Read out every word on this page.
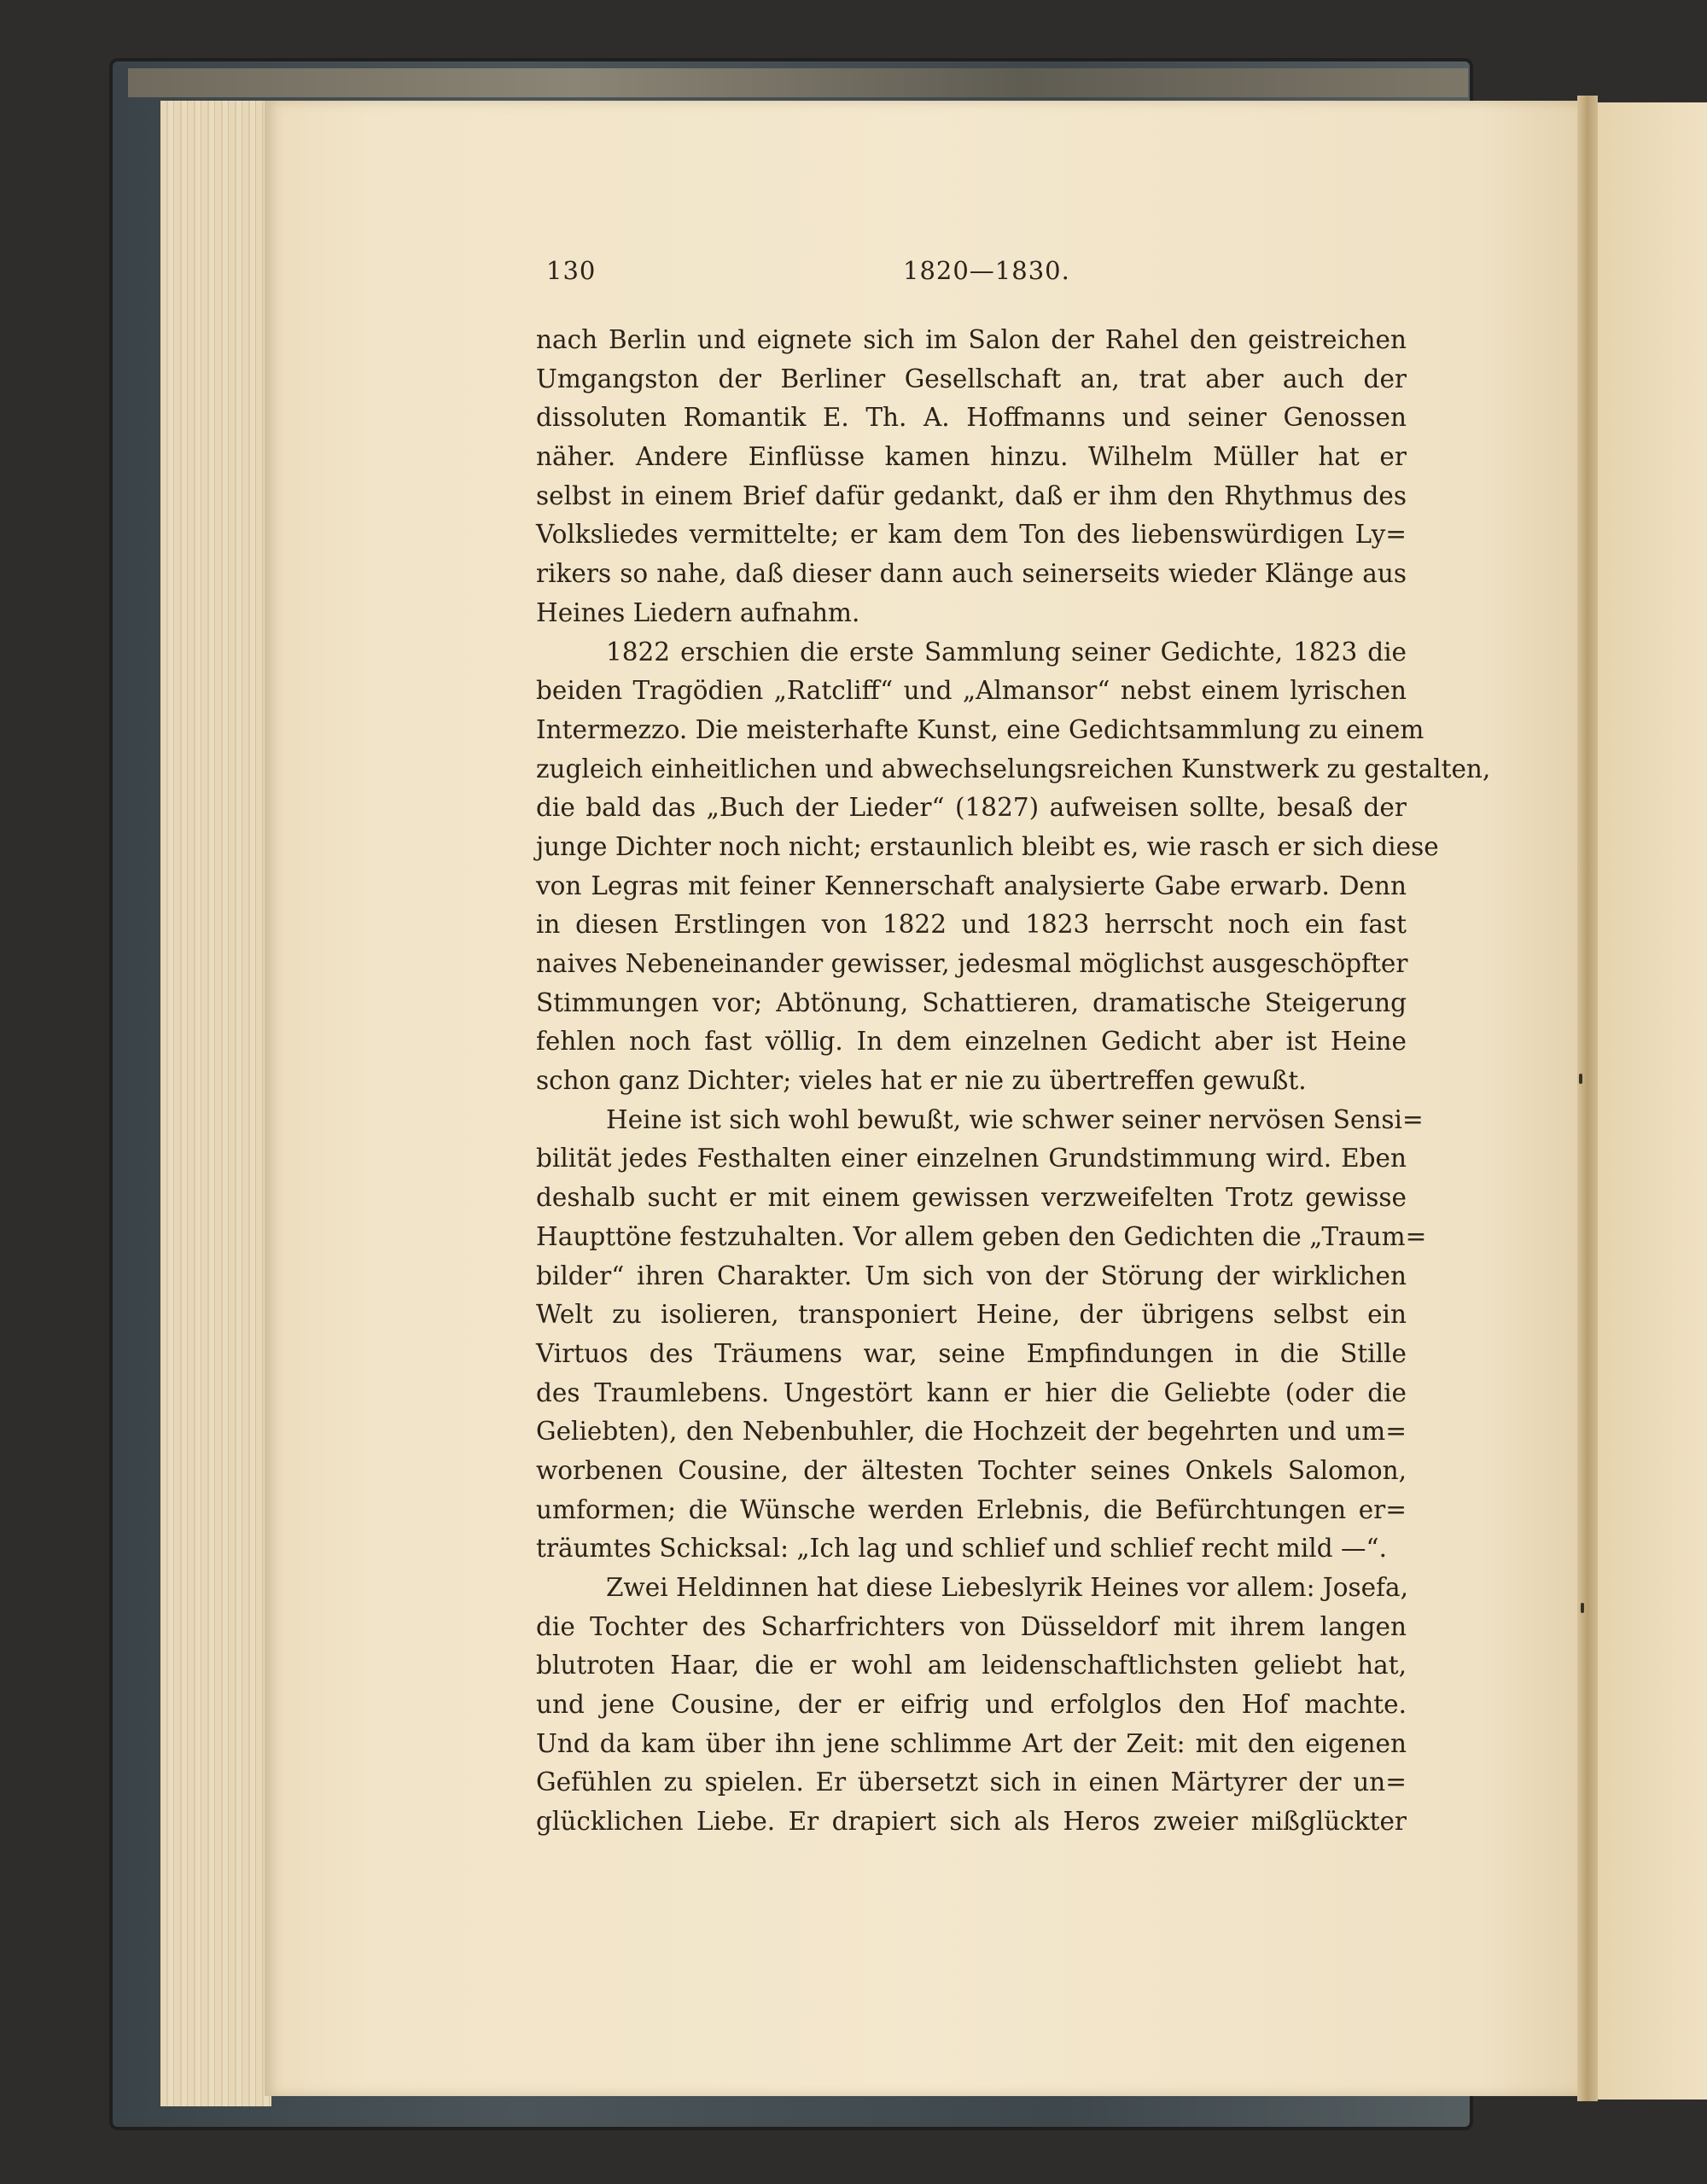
130	1820—1830.
nach Berlin und eignete sich im Salon der Rahel den geistreichen
Umgangston der Berliner Gesellschaft an, trat aber auch der
dissoluten Romantik E. Th. A. Hoffmanns und seiner Genossen
näher. Andere Einflüsse kamen hinzu. Wilhelm Müller hat er
selbst in einem Brief dafür gedankt, daß er ihm den Rhythmus des
Volksliedes vermittelte; er kam dem Ton des liebenswürdigen Ly=
rikers so nahe, daß dieser dann auch seinerseits wieder Klänge aus
Heines Liedern aufnahm.
1822 erschien die erste Sammlung seiner Gedichte, 1823 die
beiden Tragödien „Ratcliff“ und „Almansor“ nebst einem lyrischen
Intermezzo. Die meisterhafte Kunst, eine Gedichtsammlung zu einem
zugleich einheitlichen und abwechselungsreichen Kunstwerk zu gestalten,
die bald das „Buch der Lieder“ (1827) aufweisen sollte, besaß der
junge Dichter noch nicht; erstaunlich bleibt es, wie rasch er sich diese
von Legras mit feiner Kennerschaft analysierte Gabe erwarb. Denn
in diesen Erstlingen von 1822 und 1823 herrscht noch ein fast
naives Nebeneinander gewisser, jedesmal möglichst ausgeschöpfter
Stimmungen vor; Abtönung, Schattieren, dramatische Steigerung
fehlen noch fast völlig. In dem einzelnen Gedicht aber ist Heine
schon ganz Dichter; vieles hat er nie zu übertreffen gewußt.
Heine ist sich wohl bewußt, wie schwer seiner nervösen Sensi=
bilität jedes Festhalten einer einzelnen Grundstimmung wird. Eben
deshalb sucht er mit einem gewissen verzweifelten Trotz gewisse
Haupttöne festzuhalten. Vor allem geben den Gedichten die „Traum=
bilder“ ihren Charakter. Um sich von der Störung der wirklichen
Welt zu isolieren, transponiert Heine, der übrigens selbst ein
Virtuos des Träumens war, seine Empfindungen in die Stille
des Traumlebens. Ungestört kann er hier die Geliebte (oder die
Geliebten), den Nebenbuhler, die Hochzeit der begehrten und um=
worbenen Cousine, der ältesten Tochter seines Onkels Salomon,
umformen; die Wünsche werden Erlebnis, die Befürchtungen er=
träumtes Schicksal: „Ich lag und schlief und schlief recht mild —“.
Zwei Heldinnen hat diese Liebeslyrik Heines vor allem: Josefa,
die Tochter des Scharfrichters von Düsseldorf mit ihrem langen
blutroten Haar, die er wohl am leidenschaftlichsten geliebt hat,
und jene Cousine, der er eifrig und erfolglos den Hof machte.
Und da kam über ihn jene schlimme Art der Zeit: mit den eigenen
Gefühlen zu spielen. Er übersetzt sich in einen Märtyrer der un=
glücklichen Liebe. Er drapiert sich als Heros zweier mißglückter
